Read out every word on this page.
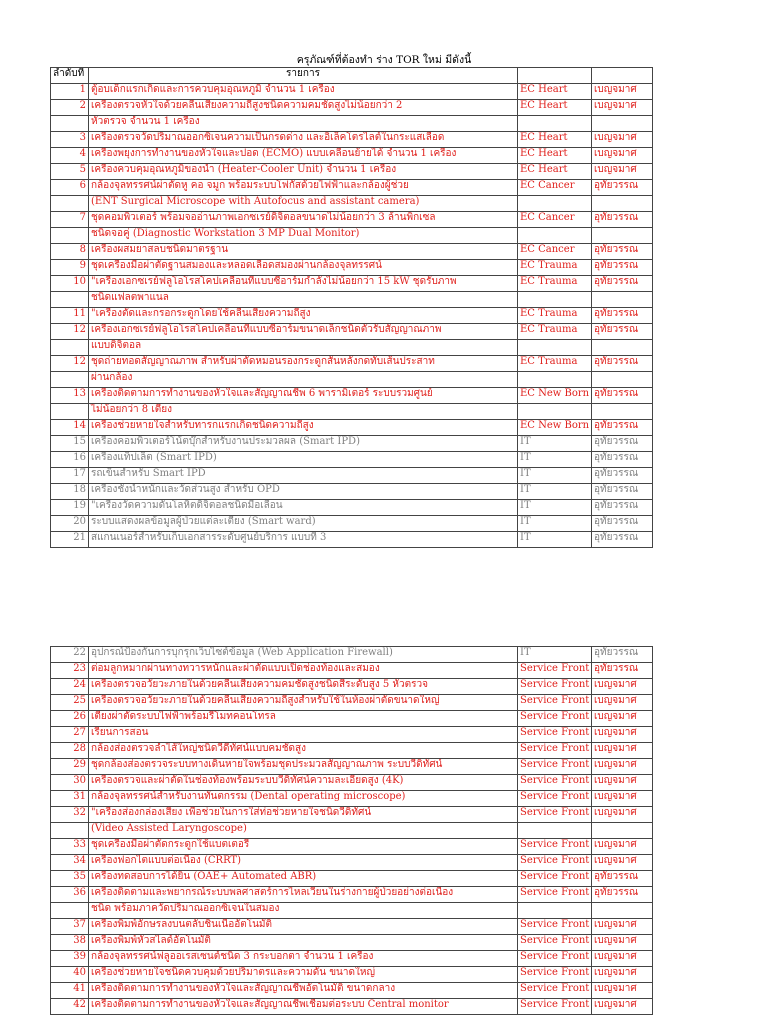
ครุภัณฑ์ที่ต้องทำ ร่าง TOR ใหม่ มีดังนี้
ลำดับที่	รายการ		
1	ตู้อบเด็กแรกเกิดและการควบคุมอุณหภูมิ จำนวน 1 เครื่อง	EC Heart	เบญจมาศ
2	เครื่องตรวจหัวใจด้วยคลื่นเสียงความถี่สูงชนิดความคมชัดสูงไม่น้อยกว่า 2	EC Heart	เบญจมาศ
	หัวตรวจ จำนวน 1 เครื่อง		
3	เครื่องตรวจวัดปริมาณออกซิเจนความเป็นกรดด่าง และอิเล็คโตรไลต์ในกระแสเลือด	EC Heart	เบญจมาศ
4	เครื่องพยุงการทำงานของหัวใจและปอด (ECMO) แบบเคลื่อนย้ายได้ จำนวน 1 เครื่อง	EC Heart	เบญจมาศ
5	เครื่องควบคุมอุณหภูมิของน้ำ (Heater-Cooler Unit) จำนวน 1 เครื่อง	EC Heart	เบญจมาศ
6	กล้องจุลทรรศน์ผ่าตัดหู คอ จมูก พร้อมระบบโฟกัสด้วยไฟฟ้าและกล้องผู้ช่วย	EC Cancer	อุทัยวรรณ
	(ENT Surgical Microscope with Autofocus and assistant camera)		
7	ชุดคอมพิวเตอร์ พร้อมจออ่านภาพเอกซเรย์ดิจิตอลขนาดไม่น้อยกว่า 3 ล้านพิกเซล	EC Cancer	อุทัยวรรณ
	ชนิดจอคู่ (Diagnostic Workstation 3 MP Dual Monitor)		
8	เครื่องผสมยาสลบชนิดมาตรฐาน	EC Cancer	อุทัยวรรณ
9	ชุดเครื่องมือผ่าตัดฐานสมองและหลอดเลือดสมองผ่านกล้องจุลทรรศน์	EC Trauma	อุทัยวรรณ
10	"เครื่องเอกซเรย์ฟลูโอโรสโคปเคลื่อนที่แบบซีอาร์มกำลังไม่น้อยกว่า 15 kW ชุดรับภาพ	EC Trauma	อุทัยวรรณ
	ชนิดแฟลตพาแนล		
11	"เครื่องตัดและกรอกระดูกโดยใช้คลื่นเสียงความถี่สูง	EC Trauma	อุทัยวรรณ
12	เครื่องเอกซเรย์ฟลูโอโรสโคปเคลื่อนที่แบบซีอาร์มขนาดเล็กชนิดตัวรับสัญญาณภาพ	EC Trauma	อุทัยวรรณ
	แบบดิจิตอล		
12	ชุดถ่ายทอดสัญญาณภาพ สำหรับผ่าตัดหมอนรองกระดูกสันหลังกดทับเส้นประสาท	EC Trauma	อุทัยวรรณ
	ผ่านกล้อง		
13	เครื่องติดตามการทำงานของหัวใจและสัญญาณชีพ 6 พารามิเตอร์ ระบบรวมศูนย์	EC New Born	อุทัยวรรณ
	ไม่น้อยกว่า 8 เตียง		
14	เครื่องช่วยหายใจสำหรับทารกแรกเกิดชนิดความถี่สูง	EC New Born	อุทัยวรรณ
15	เครื่องคอมพิวเตอร์โน้ตบุ๊กสำหรับงานประมวลผล (Smart IPD)	IT	อุทัยวรรณ
16	เครื่องแท็ปเล็ต (Smart IPD)	IT	อุทัยวรรณ
17	รถเข็นสำหรับ Smart IPD	IT	อุทัยวรรณ
18	เครื่องชั่งน้ำหนักและวัดส่วนสูง สำหรับ OPD	IT	อุทัยวรรณ
19	"เครื่องวัดความดันโลหิตดิจิตอลชนิดมือเลื่อน	IT	อุทัยวรรณ
20	ระบบแสดงผลข้อมูลผู้ป่วยแต่ละเตียง (Smart ward)	IT	อุทัยวรรณ
21	สแกนเนอร์สำหรับเก็บเอกสารระดับศูนย์บริการ แบบที่ 3	IT	อุทัยวรรณ
22	อุปกรณ์ป้องกันการบุกรุกเว็บไซต์ข้อมูล (Web Application Firewall)	IT	อุทัยวรรณ
23	ต่อมลูกหมากผ่านทางทวารหนักและผ่าตัดแบบเปิดช่องท้องและสมอง	Service Front	อุทัยวรรณ
24	เครื่องตรวจอวัยวะภายในด้วยคลื่นเสียงความคมชัดสูงชนิดสี่ระดับสูง 5 หัวตรวจ	Service Front	เบญจมาศ
25	เครื่องตรวจอวัยวะภายในด้วยคลื่นเสียงความถี่สูงสำหรับใช้ในห้องผ่าตัดขนาดใหญ่	Service Front	เบญจมาศ
26	เตียงผ่าตัดระบบไฟฟ้าพร้อมรีโมทคอนโทรล	Service Front	เบญจมาศ
27	เรียนการสอน	Service Front	เบญจมาศ
28	กล้องส่องตรวจลำไส้ใหญ่ชนิดวีดีทัศน์แบบคมชัดสูง	Service Front	เบญจมาศ
29	ชุดกล้องส่องตรวจระบบทางเดินหายใจพร้อมชุดประมวลสัญญาณภาพ ระบบวีดิทัศน์	Service Front	เบญจมาศ
30	เครื่องตรวจและผ่าตัดในช่องท้องพร้อมระบบวีดิทัศน์ความละเอียดสูง (4K)	Service Front	เบญจมาศ
31	กล้องจุลทรรศน์สำหรับงานทันตกรรม (Dental operating microscope)	Service Front	เบญจมาศ
32	"เครื่องส่องกล่องเสียง เพื่อช่วยในการใส่ท่อช่วยหายใจชนิดวีดิทัศน์	Service Front	เบญจมาศ
	(Video Assisted Laryngoscope)		
33	ชุดเครื่องมือผ่าตัดกระดูกใช้แบตเตอรี่	Service Front	เบญจมาศ
34	เครื่องฟอกไตแบบต่อเนื่อง (CRRT)	Service Front	เบญจมาศ
35	เครื่องทดสอบการได้ยิน (OAE+ Automated ABR)	Service Front	อุทัยวรรณ
36	เครื่องติดตามและพยากรณ์ระบบพลศาสตร์การไหลเวียนในร่างกายผู้ป่วยอย่างต่อเนื่อง	Service Front	อุทัยวรรณ
	ชนิด พร้อมภาควัดปริมาณออกซิเจนในสมอง		
37	เครื่องพิมพ์อักษรลงบนตลับชิ้นเนื้ออัตโนมัติ	Service Front	เบญจมาศ
38	เครื่องพิมพ์หัวสไลด์อัตโนมัติ	Service Front	เบญจมาศ
39	กล้องจุลทรรศน์ฟลูออเรสเซนต์ชนิด 3 กระบอกตา จำนวน 1 เครื่อง	Service Front	เบญจมาศ
40	เครื่องช่วยหายใจชนิดควบคุมด้วยปริมาตรและความดัน ขนาดใหญ่	Service Front	เบญจมาศ
41	เครื่องติดตามการทำงานของหัวใจและสัญญาณชีพอัตโนมัติ ขนาดกลาง	Service Front	เบญจมาศ
42	เครื่องติดตามการทำงานของหัวใจและสัญญาณชีพเชื่อมต่อระบบ Central monitor	Service Front	เบญจมาศ
